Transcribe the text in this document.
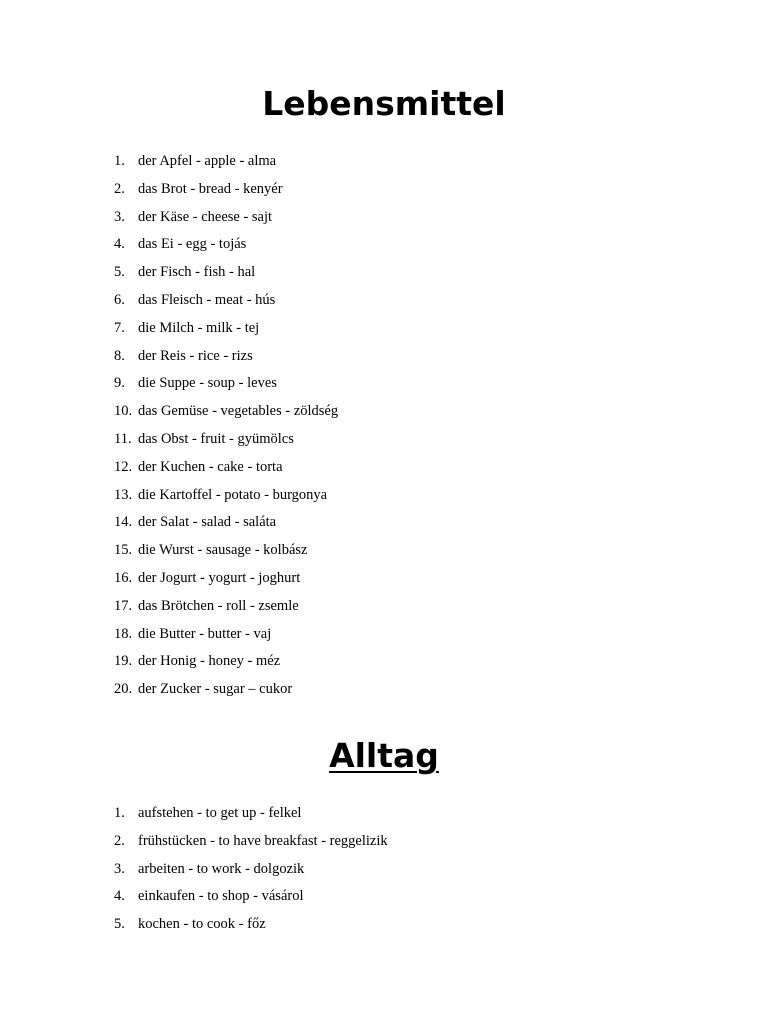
Lebensmittel
1. der Apfel - apple - alma
2. das Brot - bread - kenyér
3. der Käse - cheese - sajt
4. das Ei - egg - tojás
5. der Fisch - fish - hal
6. das Fleisch - meat - hús
7. die Milch - milk - tej
8. der Reis - rice - rizs
9. die Suppe - soup - leves
10. das Gemüse - vegetables - zöldség
11. das Obst - fruit - gyümölcs
12. der Kuchen - cake - torta
13. die Kartoffel - potato - burgonya
14. der Salat - salad - saláta
15. die Wurst - sausage - kolbász
16. der Jogurt - yogurt - joghurt
17. das Brötchen - roll - zsemle
18. die Butter - butter - vaj
19. der Honig - honey - méz
20. der Zucker - sugar – cukor
Alltag
1. aufstehen - to get up - felkel
2. frühstücken - to have breakfast - reggelizik
3. arbeiten - to work - dolgozik
4. einkaufen - to shop - vásárol
5. kochen - to cook - főz
